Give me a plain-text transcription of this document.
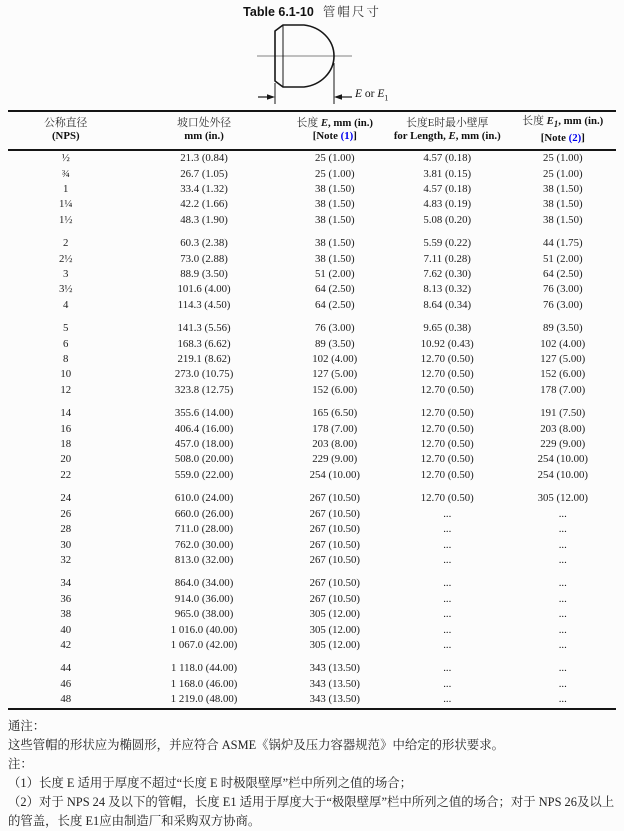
Table 6.1-10 管帽尺寸
E or $E_1$
公称直径
(NPS)

坡口处外径
mm (in.)

长度 E, mm (in.)
[Note (1)]

长度E时最小壁厚
for Length, E, mm (in.)

长度 $E_1$, mm (in.)
[Note (2)]

½	21.3 (0.84)	25 (1.00)	4.57 (0.18)	25 (1.00)
¾	26.7 (1.05)	25 (1.00)	3.81 (0.15)	25 (1.00)
1	33.4 (1.32)	38 (1.50)	4.57 (0.18)	38 (1.50)
1¼	42.2 (1.66)	38 (1.50)	4.83 (0.19)	38 (1.50)
1½	48.3 (1.90)	38 (1.50)	5.08 (0.20)	38 (1.50)
2	60.3 (2.38)	38 (1.50)	5.59 (0.22)	44 (1.75)
2½	73.0 (2.88)	38 (1.50)	7.11 (0.28)	51 (2.00)
3	88.9 (3.50)	51 (2.00)	7.62 (0.30)	64 (2.50)
3½	101.6 (4.00)	64 (2.50)	8.13 (0.32)	76 (3.00)
4	114.3 (4.50)	64 (2.50)	8.64 (0.34)	76 (3.00)
5	141.3 (5.56)	76 (3.00)	9.65 (0.38)	89 (3.50)
6	168.3 (6.62)	89 (3.50)	10.92 (0.43)	102 (4.00)
8	219.1 (8.62)	102 (4.00)	12.70 (0.50)	127 (5.00)
10	273.0 (10.75)	127 (5.00)	12.70 (0.50)	152 (6.00)
12	323.8 (12.75)	152 (6.00)	12.70 (0.50)	178 (7.00)
14	355.6 (14.00)	165 (6.50)	12.70 (0.50)	191 (7.50)
16	406.4 (16.00)	178 (7.00)	12.70 (0.50)	203 (8.00)
18	457.0 (18.00)	203 (8.00)	12.70 (0.50)	229 (9.00)
20	508.0 (20.00)	229 (9.00)	12.70 (0.50)	254 (10.00)
22	559.0 (22.00)	254 (10.00)	12.70 (0.50)	254 (10.00)
24	610.0 (24.00)	267 (10.50)	12.70 (0.50)	305 (12.00)
26	660.0 (26.00)	267 (10.50)	...	...
28	711.0 (28.00)	267 (10.50)	...	...
30	762.0 (30.00)	267 (10.50)	...	...
32	813.0 (32.00)	267 (10.50)	...	...
34	864.0 (34.00)	267 (10.50)	...	...
36	914.0 (36.00)	267 (10.50)	...	...
38	965.0 (38.00)	305 (12.00)	...	...
40	1 016.0 (40.00)	305 (12.00)	...	...
42	1 067.0 (42.00)	305 (12.00)	...	...
44	1 118.0 (44.00)	343 (13.50)	...	...
46	1 168.0 (46.00)	343 (13.50)	...	...
48	1 219.0 (48.00)	343 (13.50)	...	...

通注：

这些管帽的形状应为椭圆形，并应符合 ASME《锅炉及压力容器规范》中给定的形状要求。

注：

（1）长度 E 适用于厚度不超过“长度 E 时极限壁厚”栏中所列之值的场合；

（2）对于 NPS 24 及以下的管帽，长度 E1 适用于厚度大于“极限壁厚”栏中所列之值的场合；对于 NPS 26及以上的管盖，长度 E1应由制造厂和采购双方协商。
